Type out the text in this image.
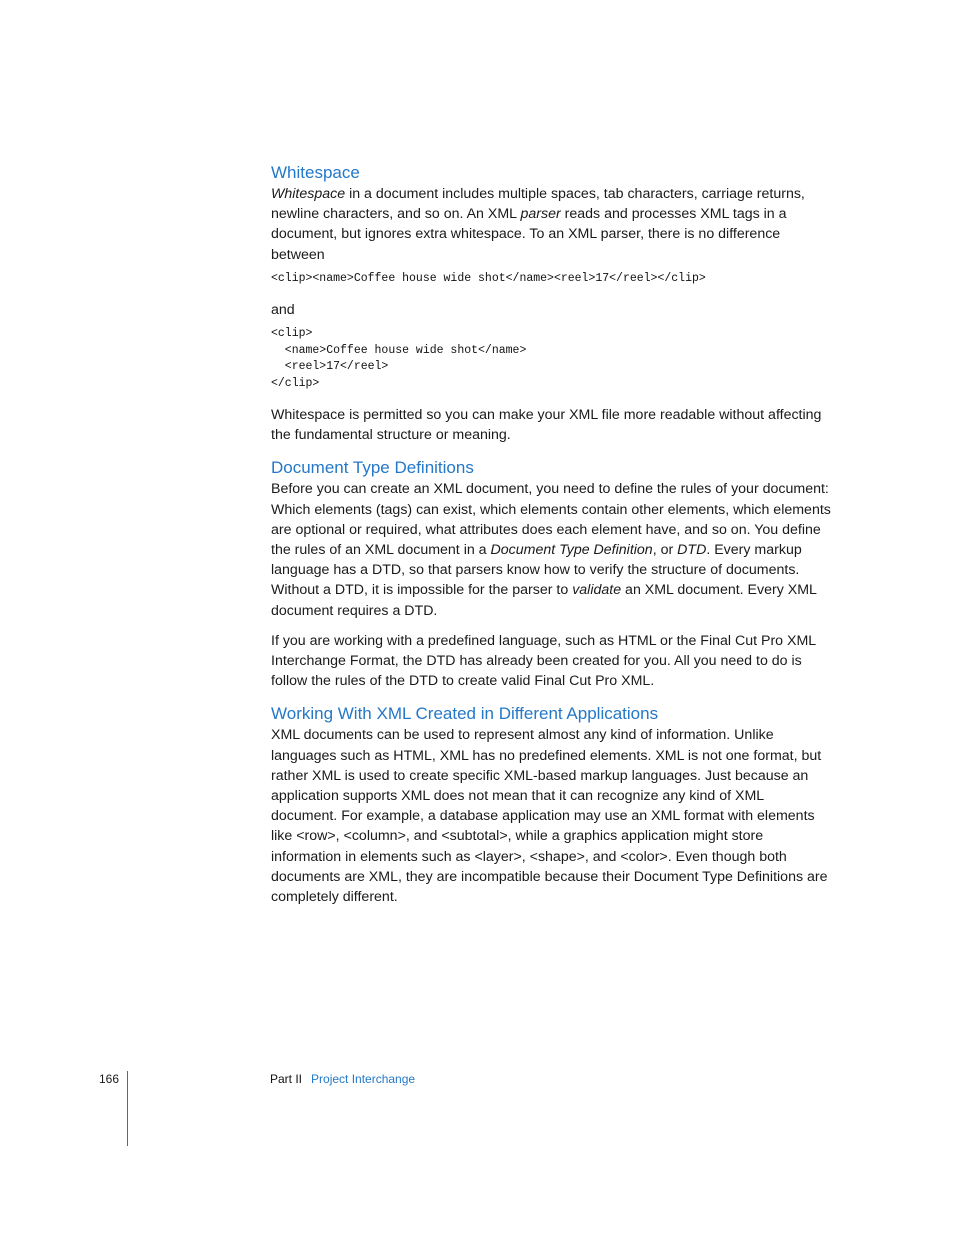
Whitespace

Whitespace in a document includes multiple spaces, tab characters, carriage returns, newline characters, and so on. An XML parser reads and processes XML tags in a document, but ignores extra whitespace. To an XML parser, there is no difference between

<clip><name>Coffee house wide shot</name><reel>17</reel></clip>

and

<clip>
<name>Coffee house wide shot</name>
<reel>17</reel>
</clip>

Whitespace is permitted so you can make your XML file more readable without affecting the fundamental structure or meaning.

Document Type Definitions

Before you can create an XML document, you need to define the rules of your document: Which elements (tags) can exist, which elements contain other elements, which elements are optional or required, what attributes does each element have, and so on. You define the rules of an XML document in a Document Type Definition, or DTD. Every markup language has a DTD, so that parsers know how to verify the structure of documents. Without a DTD, it is impossible for the parser to validate an XML document. Every XML document requires a DTD.

If you are working with a predefined language, such as HTML or the Final Cut Pro XML Interchange Format, the DTD has already been created for you. All you need to do is follow the rules of the DTD to create valid Final Cut Pro XML.

Working With XML Created in Different Applications

XML documents can be used to represent almost any kind of information. Unlike languages such as HTML, XML has no predefined elements. XML is not one format, but rather XML is used to create specific XML-based markup languages. Just because an application supports XML does not mean that it can recognize any kind of XML document. For example, a database application may use an XML format with elements like <row>, <column>, and <subtotal>, while a graphics application might store information in elements such as <layer>, <shape>, and <color>. Even though both documents are XML, they are incompatible because their Document Type Definitions are completely different.

166	Part II Project Interchange
